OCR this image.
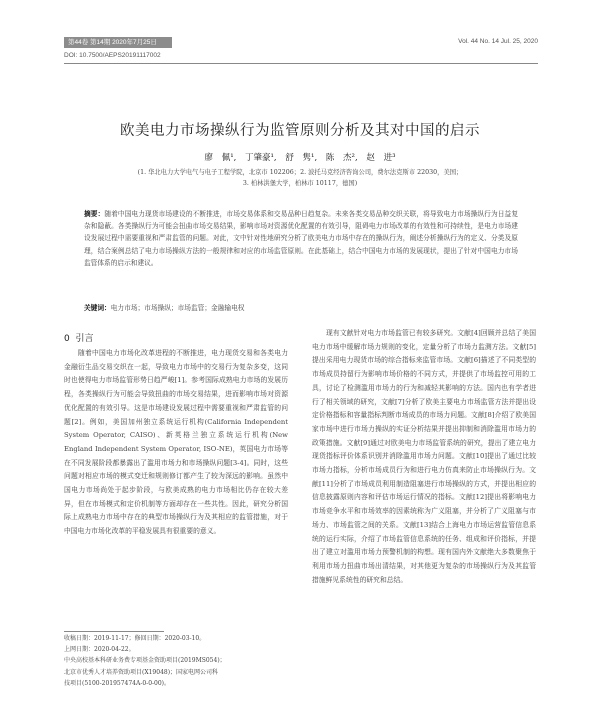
第44卷 第14期 2020年7月25日	Vol. 44 No. 14 Jul. 25, 2020
DOI: 10.7500/AEPS20191117002
欧美电力市场操纵行为监管原则分析及其对中国的启示
廖 佩¹, 丁肇豪¹, 舒 隽¹, 陈 杰², 赵 进³
(1. 华北电力大学电气与电子工程学院，北京市 102206；2. 波托马克经济咨询公司，费尔法克斯市 22030，美国；
3. 柏林洪堡大学，柏林市 10117，德国)
摘要：随着中国电力现货市场建设的不断推进，市场交易体系和交易品种日趋复杂。未来各类交易品种交织关联，将导致电力市场操纵行为日益复杂和隐蔽。各类操纵行为可能会扭曲市场交易结果，影响市场对资源优化配置的有效引导，阻碍电力市场改革的有效性和可持续性，是电力市场建设发展过程中需要重视和严肃监管的问题。对此，文中针对性地研究分析了欧美电力市场中存在的操纵行为，阐述分析操纵行为的定义、分类及原理，结合案例总结了电力市场操纵方法的一般规律和对应的市场监管原则。在此基础上，结合中国电力市场的发展现状，提出了针对中国电力市场监管体系的启示和建议。
关键词：电力市场；市场操纵；市场监管；金融输电权
0 引言
随着中国电力市场化改革进程的不断推进，电力现货交易和各类电力金融衍生品交易交织在一起，导致电力市场中的交易行为复杂多变，这同时也使得电力市场监管形势日趋严峻[1]。参考国际成熟电力市场的发展历程，各类操纵行为可能会导致扭曲的市场交易结果，进而影响市场对资源优化配置的有效引导。这是市场建设发展过程中需要重视和严肃监管的问题[2]。例如，美国加州独立系统运行机构(California Independent System Operator, CAISO)、新英格兰独立系统运行机构(New England Independent System Operator, ISO-NE)，英国电力市场等在不同发展阶段都暴露出了滥用市场力和市场操纵问题[3-4]。同时，这些问题对相应市场的模式变迁和规则修订都产生了较为深远的影响。虽然中国电力市场尚处于起步阶段，与欧美成熟的电力市场相比仍存在较大差异，但在市场模式和定价机制等方面却存在一些共性。因此，研究分析国际上成熟电力市场中存在的典型市场操纵行为及其相应的监管措施，对于中国电力市场化改革的平稳发展具有很重要的意义。
现有文献针对电力市场监管已有较多研究。文献[4]回顾并总结了美国电力市场中缓解市场力规则的变化，定量分析了市场力监测方法。文献[5]提出采用电力现货市场的综合指标来监管市场。文献[6]描述了不同类型的市场成员持留行为影响市场价格的不同方式，并提供了市场监控可用的工具，讨论了检测滥用市场力的行为和减轻其影响的方法。国内也有学者进行了相关领域的研究，文献[7]分析了欧美主要电力市场监管方法并提出设定价格指标和容量指标判断市场成员的市场力问题。文献[8]介绍了欧美国家市场中进行市场力操纵的实证分析结果并提出抑制和消除滥用市场力的政策措施。文献[9]通过对欧美电力市场监管系统的研究，提出了建立电力现货指标评价体系识别并消除滥用市场力问题。文献[10]提出了通过比较市场力指标，分析市场成员行为和进行电力仿真来防止市场操纵行为。文献[11]分析了市场成员利用制造阻塞进行市场操纵的方式，并提出相应的信息披露原则内容和评估市场运行情况的指标。文献[12]提出将影响电力市场竞争水平和市场效率的因素统称为广义阻塞，并分析了广义阻塞与市场力、市场监管之间的关系。文献[13]结合上海电力市场运营监管信息系统的运行实际，介绍了市场监管信息系统的任务、组成和评价指标，并提出了建立对滥用市场力预警机制的构想。现有国内外文献绝大多数聚焦于利用市场力扭曲市场出清结果，对其他更为复杂的市场操纵行为及其监管措施鲜见系统性的研究和总结。
收稿日期：2019-11-17；修回日期：2020-03-10。
上网日期：2020-04-22。
中央高校基本科研业务费专项基金资助项目(2019MS054)；
北京市优秀人才培养资助项目(X19048)；国家电网公司科
技项目(5100-201957474A-0-0-00)。
